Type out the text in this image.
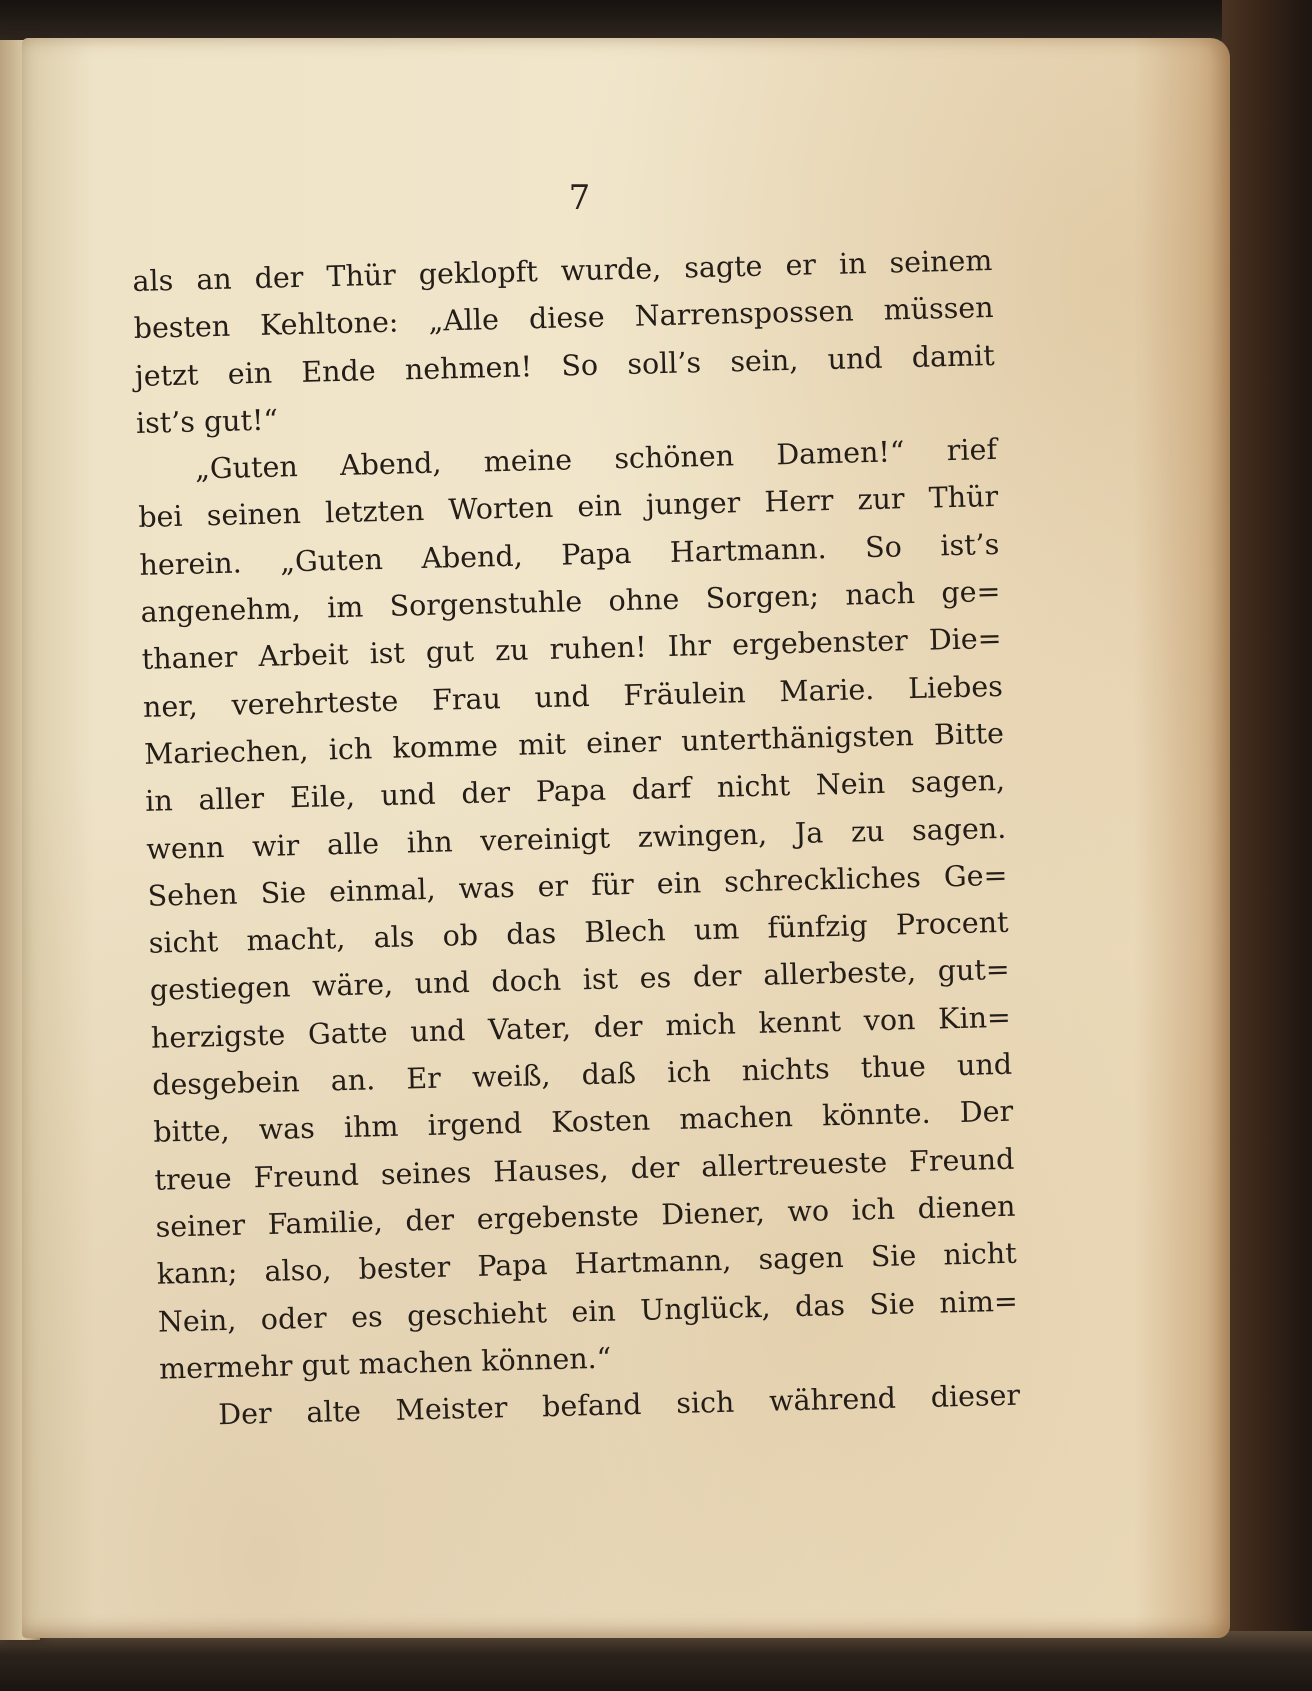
7
als an der Thür geklopft wurde, sagte er in seinem
besten Kehltone: „Alle diese Narrenspossen müssen
jetzt ein Ende nehmen! So soll’s sein, und damit
ist’s gut!“
„Guten Abend, meine schönen Damen!“ rief
bei seinen letzten Worten ein junger Herr zur Thür
herein. „Guten Abend, Papa Hartmann. So ist’s
angenehm, im Sorgenstuhle ohne Sorgen; nach ge=
thaner Arbeit ist gut zu ruhen! Ihr ergebenster Die=
ner, verehrteste Frau und Fräulein Marie. Liebes
Mariechen, ich komme mit einer unterthänigsten Bitte
in aller Eile, und der Papa darf nicht Nein sagen,
wenn wir alle ihn vereinigt zwingen, Ja zu sagen.
Sehen Sie einmal, was er für ein schreckliches Ge=
sicht macht, als ob das Blech um fünfzig Procent
gestiegen wäre, und doch ist es der allerbeste, gut=
herzigste Gatte und Vater, der mich kennt von Kin=
desgebein an. Er weiß, daß ich nichts thue und
bitte, was ihm irgend Kosten machen könnte. Der
treue Freund seines Hauses, der allertreueste Freund
seiner Familie, der ergebenste Diener, wo ich dienen
kann; also, bester Papa Hartmann, sagen Sie nicht
Nein, oder es geschieht ein Unglück, das Sie nim=
mermehr gut machen können.“
Der alte Meister befand sich während dieser
